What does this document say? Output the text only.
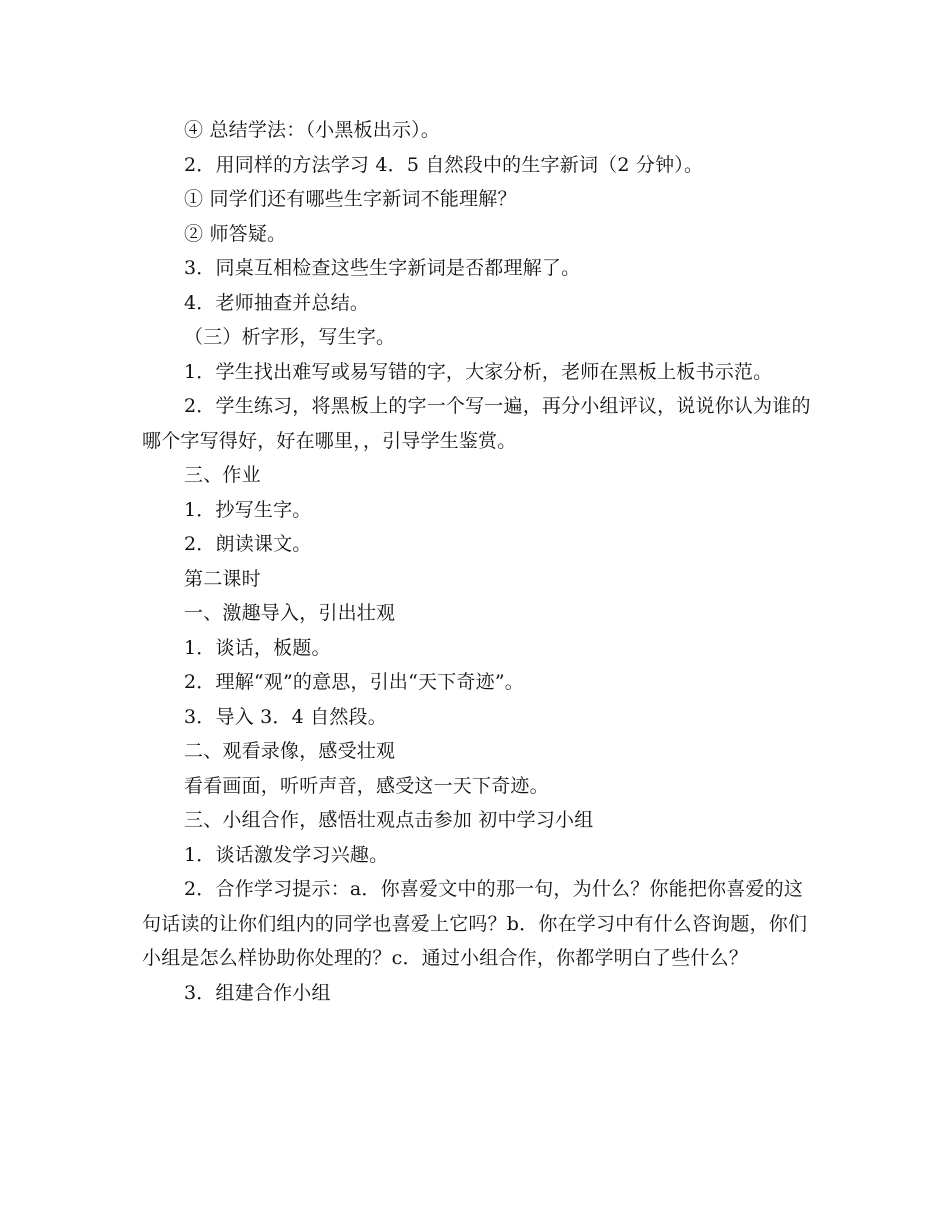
④ 总结学法：（小黑板出示）。

2．用同样的方法学习 4．5 自然段中的生字新词（2 分钟）。

① 同学们还有哪些生字新词不能理解？

② 师答疑。

3．同桌互相检查这些生字新词是否都理解了。

4．老师抽查并总结。

（三）析字形，写生字。

1．学生找出难写或易写错的字，大家分析，老师在黑板上板书示范。

2．学生练习，将黑板上的字一个写一遍，再分小组评议，说说你认为谁的哪个字写得好，好在哪里，，引导学生鉴赏。

三、作业

1．抄写生字。

2．朗读课文。

第二课时

一、激趣导入，引出壮观

1．谈话，板题。

2．理解“观”的意思，引出“天下奇迹”。

3．导入 3．4 自然段。

二、观看录像，感受壮观

看看画面，听听声音，感受这一天下奇迹。

三、小组合作，感悟壮观点击参加 初中学习小组

1．谈话激发学习兴趣。

2．合作学习提示：a．你喜爱文中的那一句，为什么？你能把你喜爱的这句话读的让你们组内的同学也喜爱上它吗？b．你在学习中有什么咨询题，你们小组是怎么样协助你处理的？c．通过小组合作，你都学明白了些什么？

3．组建合作小组
